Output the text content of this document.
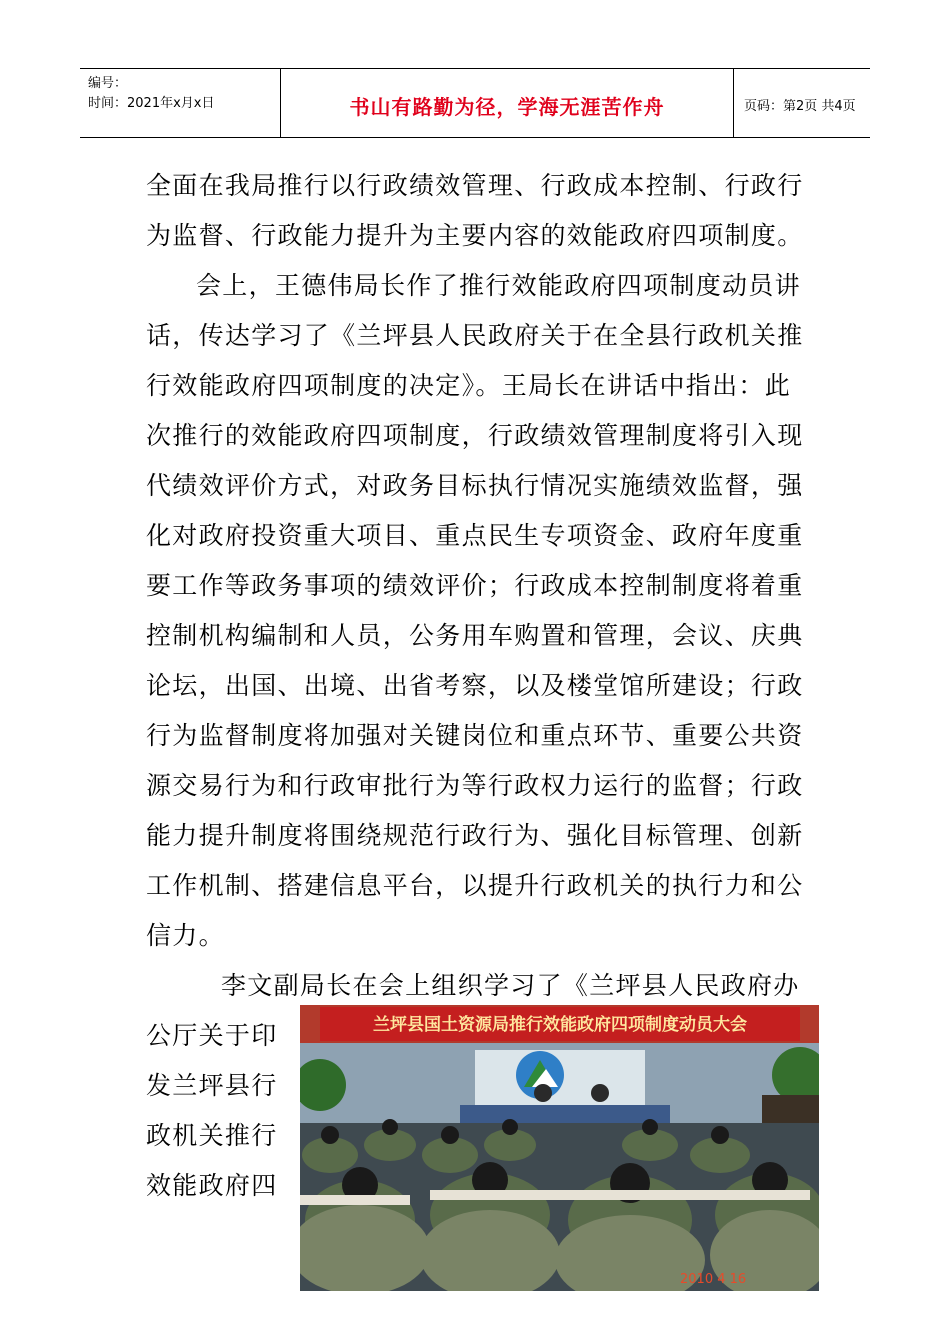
编号：
时间：2021年x月x日	书山有路勤为径，学海无涯苦作舟	页码：第2页 共4页
全面在我局推行以行政绩效管理、行政成本控制、行政行
为监督、行政能力提升为主要内容的效能政府四项制度。
会上，王德伟局长作了推行效能政府四项制度动员讲
话，传达学习了《兰坪县人民政府关于在全县行政机关推
行效能政府四项制度的决定》。王局长在讲话中指出：此
次推行的效能政府四项制度，行政绩效管理制度将引入现
代绩效评价方式，对政务目标执行情况实施绩效监督，强
化对政府投资重大项目、重点民生专项资金、政府年度重
要工作等政务事项的绩效评价；行政成本控制制度将着重
控制机构编制和人员，公务用车购置和管理，会议、庆典
论坛，出国、出境、出省考察，以及楼堂馆所建设；行政
行为监督制度将加强对关键岗位和重点环节、重要公共资
源交易行为和行政审批行为等行政权力运行的监督；行政
能力提升制度将围绕规范行政行为、强化目标管理、创新
工作机制、搭建信息平台，以提升行政机关的执行力和公
信力。
李文副局长在会上组织学习了《兰坪县人民政府办
公厅关于印
发兰坪县行
政机关推行
效能政府四
兰坪县国土资源局推行效能政府四项制度动员大会
2010 4 16
